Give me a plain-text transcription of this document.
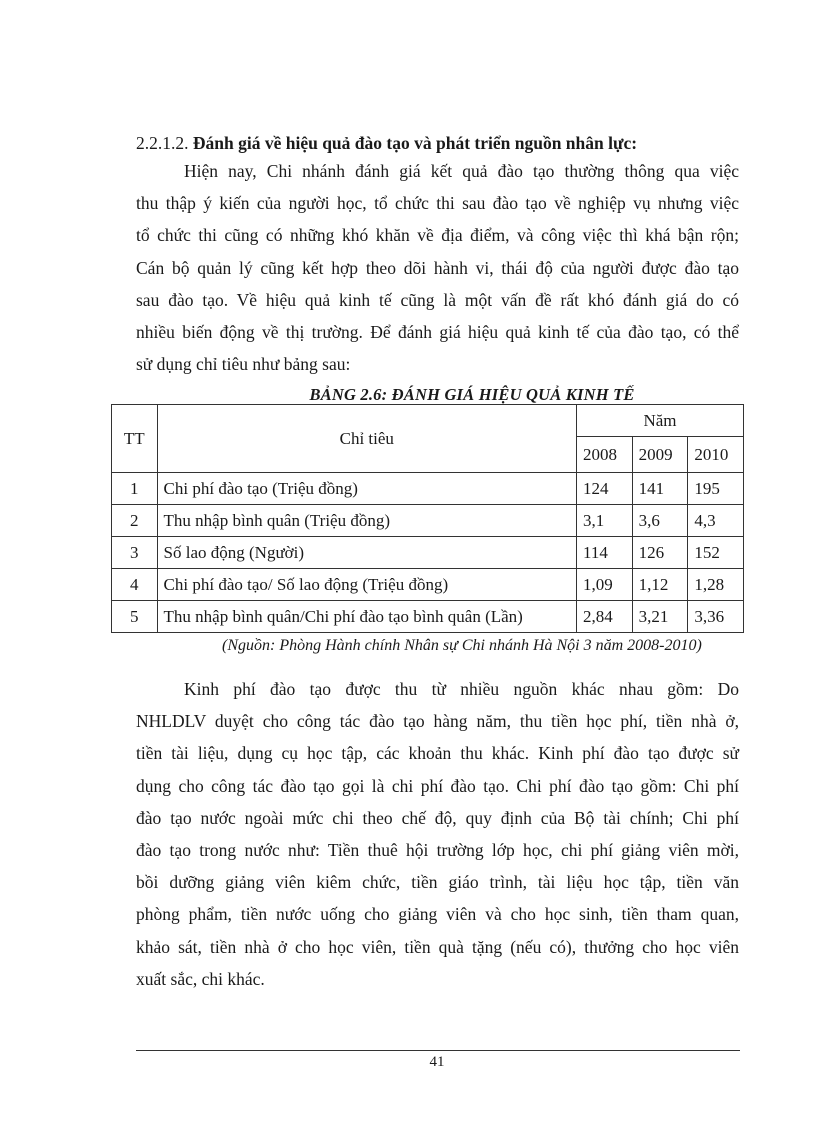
2.2.1.2. Đánh giá về hiệu quả đào tạo và phát triển nguồn nhân lực:
Hiện nay, Chi nhánh đánh giá kết quả đào tạo thường thông qua việc
thu thập ý kiến của người học, tổ chức thi sau đào tạo về nghiệp vụ nhưng việc
tổ chức thi cũng có những khó khăn về địa điểm, và công việc thì khá bận rộn;
Cán bộ quản lý cũng kết hợp theo dõi hành vi, thái độ của người được đào tạo
sau đào tạo. Về hiệu quả kinh tế cũng là một vấn đề rất khó đánh giá do có
nhiều biến động về thị trường. Để đánh giá hiệu quả kinh tế của đào tạo, có thể
sử dụng chỉ tiêu như bảng sau:
BẢNG 2.6: ĐÁNH GIÁ HIỆU QUẢ KINH TẾ
TT	Chỉ tiêu	Năm		
		2008	2009	2010
1	Chi phí đào tạo (Triệu đồng)	124	141	195
2	Thu nhập bình quân (Triệu đồng)	3,1	3,6	4,3
3	Số lao động (Người)	114	126	152
4	Chi phí đào tạo/ Số lao động (Triệu đồng)	1,09	1,12	1,28
5	Thu nhập bình quân/Chi phí đào tạo bình quân (Lần)	2,84	3,21	3,36
(Nguồn: Phòng Hành chính Nhân sự Chi nhánh Hà Nội 3 năm 2008-2010)
Kinh phí đào tạo được thu từ nhiều nguồn khác nhau gồm: Do
NHLDLV duyệt cho công tác đào tạo hàng năm, thu tiền học phí, tiền nhà ở,
tiền tài liệu, dụng cụ học tập, các khoản thu khác. Kinh phí đào tạo được sử
dụng cho công tác đào tạo gọi là chi phí đào tạo. Chi phí đào tạo gồm: Chi phí
đào tạo nước ngoài mức chi theo chế độ, quy định của Bộ tài chính; Chi phí
đào tạo trong nước như: Tiền thuê hội trường lớp học, chi phí giảng viên mời,
bồi dưỡng giảng viên kiêm chức, tiền giáo trình, tài liệu học tập, tiền văn
phòng phẩm, tiền nước uống cho giảng viên và cho học sinh, tiền tham quan,
khảo sát, tiền nhà ở cho học viên, tiền quà tặng (nếu có), thưởng cho học viên
xuất sắc, chi khác.
41
